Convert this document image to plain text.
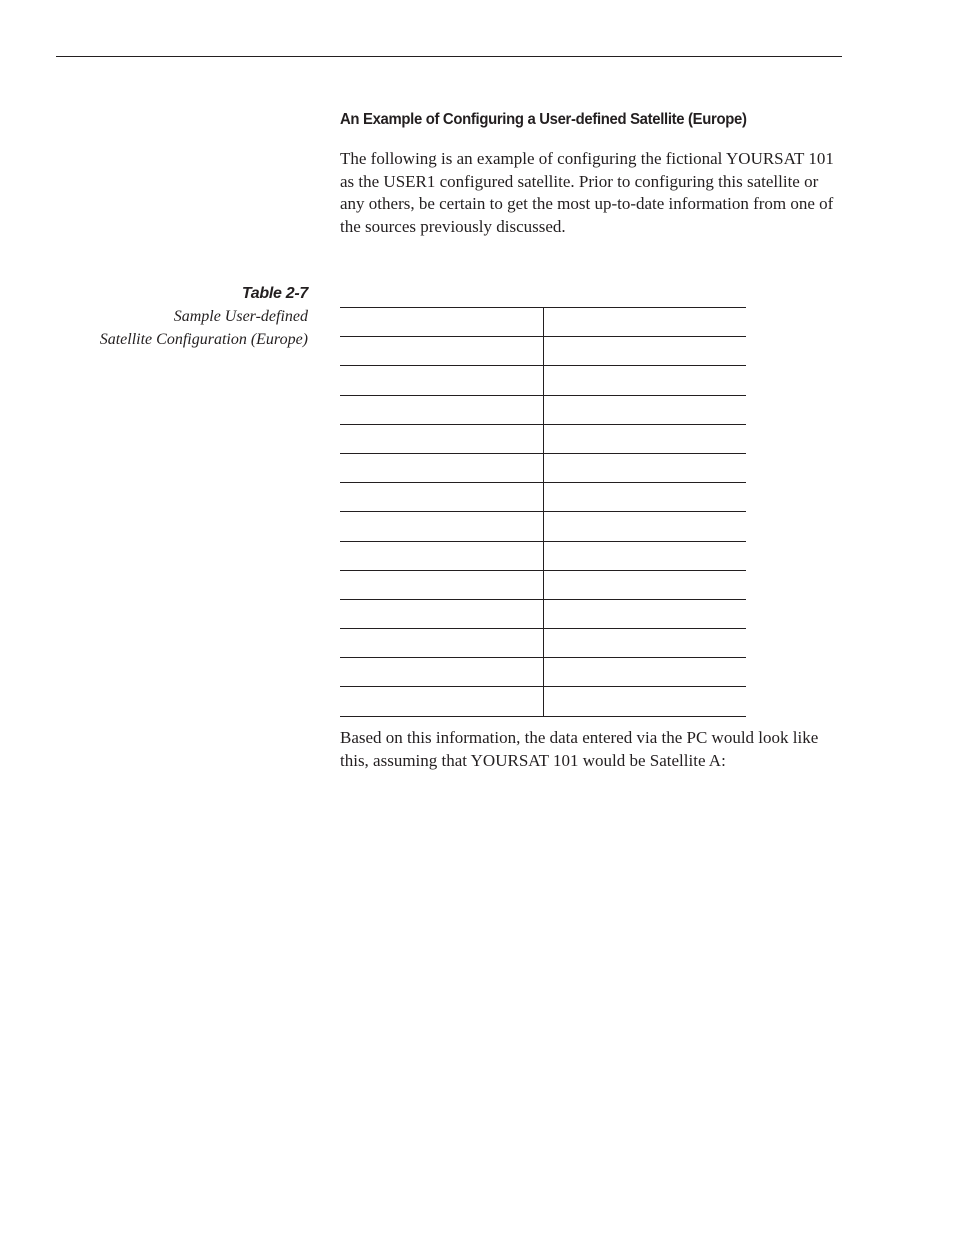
An Example of Configuring a User-defined Satellite (Europe)
The following is an example of configuring the fictional YOURSAT 101 as the USER1 configured satellite. Prior to configuring this satellite or any others, be certain to get the most up-to-date information from one of the sources previously discussed.
Table 2-7
Sample User-defined
Satellite Configuration (Europe)

Based on this information, the data entered via the PC would look like this, assuming that YOURSAT 101 would be Satellite A:
